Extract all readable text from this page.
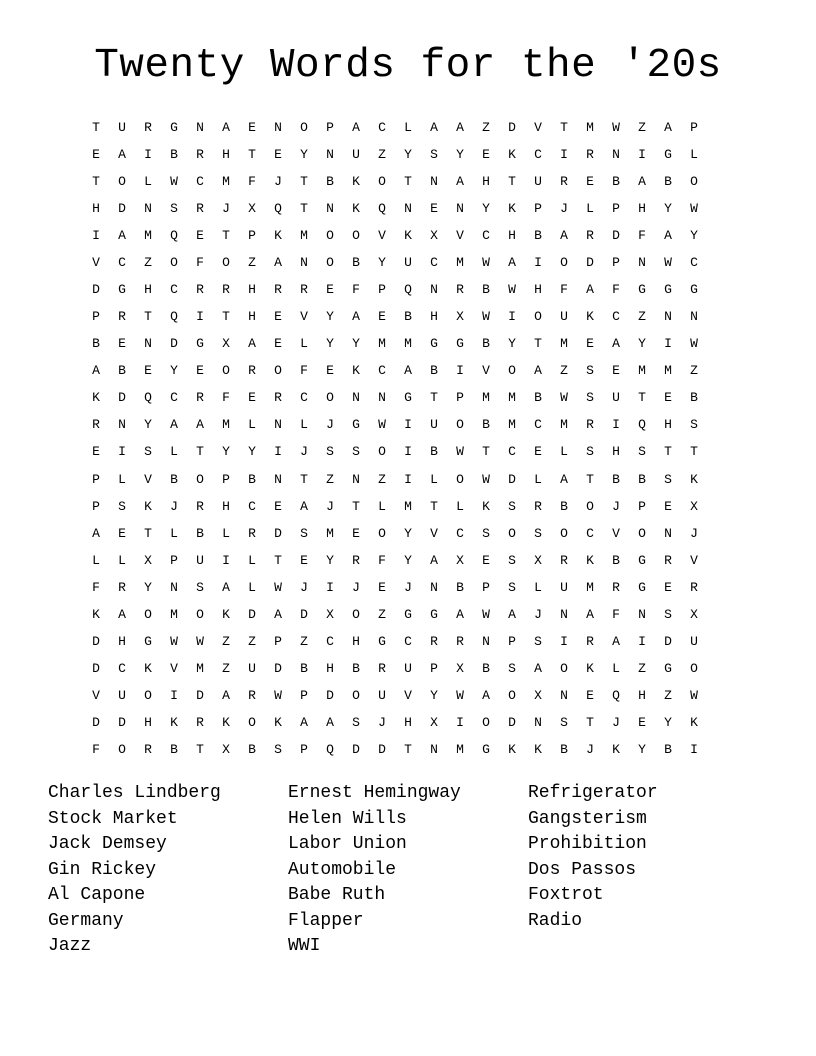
Twenty Words for the '20s
T	U	R	G	N	A	E	N	O	P	A	C	L	A	A	Z	D	V	T	M	W	Z	A	P
E	A	I	B	R	H	T	E	Y	N	U	Z	Y	S	Y	E	K	C	I	R	N	I	G	L
T	O	L	W	C	M	F	J	T	B	K	O	T	N	A	H	T	U	R	E	B	A	B	O
H	D	N	S	R	J	X	Q	T	N	K	Q	N	E	N	Y	K	P	J	L	P	H	Y	W
I	A	M	Q	E	T	P	K	M	O	O	V	K	X	V	C	H	B	A	R	D	F	A	Y
V	C	Z	O	F	O	Z	A	N	O	B	Y	U	C	M	W	A	I	O	D	P	N	W	C
D	G	H	C	R	R	H	R	R	E	F	P	Q	N	R	B	W	H	F	A	F	G	G	G
P	R	T	Q	I	T	H	E	V	Y	A	E	B	H	X	W	I	O	U	K	C	Z	N	N
B	E	N	D	G	X	A	E	L	Y	Y	M	M	G	G	B	Y	T	M	E	A	Y	I	W
A	B	E	Y	E	O	R	O	F	E	K	C	A	B	I	V	O	A	Z	S	E	M	M	Z
K	D	Q	C	R	F	E	R	C	O	N	N	G	T	P	M	M	B	W	S	U	T	E	B
R	N	Y	A	A	M	L	N	L	J	G	W	I	U	O	B	M	C	M	R	I	Q	H	S
E	I	S	L	T	Y	Y	I	J	S	S	O	I	B	W	T	C	E	L	S	H	S	T	T
P	L	V	B	O	P	B	N	T	Z	N	Z	I	L	O	W	D	L	A	T	B	B	S	K
P	S	K	J	R	H	C	E	A	J	T	L	M	T	L	K	S	R	B	O	J	P	E	X
A	E	T	L	B	L	R	D	S	M	E	O	Y	V	C	S	O	S	O	C	V	O	N	J
L	L	X	P	U	I	L	T	E	Y	R	F	Y	A	X	E	S	X	R	K	B	G	R	V
F	R	Y	N	S	A	L	W	J	I	J	E	J	N	B	P	S	L	U	M	R	G	E	R
K	A	O	M	O	K	D	A	D	X	O	Z	G	G	A	W	A	J	N	A	F	N	S	X
D	H	G	W	W	Z	Z	P	Z	C	H	G	C	R	R	N	P	S	I	R	A	I	D	U
D	C	K	V	M	Z	U	D	B	H	B	R	U	P	X	B	S	A	O	K	L	Z	G	O
V	U	O	I	D	A	R	W	P	D	O	U	V	Y	W	A	O	X	N	E	Q	H	Z	W
D	D	H	K	R	K	O	K	A	A	S	J	H	X	I	O	D	N	S	T	J	E	Y	K
F	O	R	B	T	X	B	S	P	Q	D	D	T	N	M	G	K	K	B	J	K	Y	B	I
Charles Lindberg
Stock Market
Jack Demsey
Gin Rickey
Al Capone
Germany
Jazz
Ernest Hemingway
Helen Wills
Labor Union
Automobile
Babe Ruth
Flapper
WWI
Refrigerator
Gangsterism
Prohibition
Dos Passos
Foxtrot
Radio
